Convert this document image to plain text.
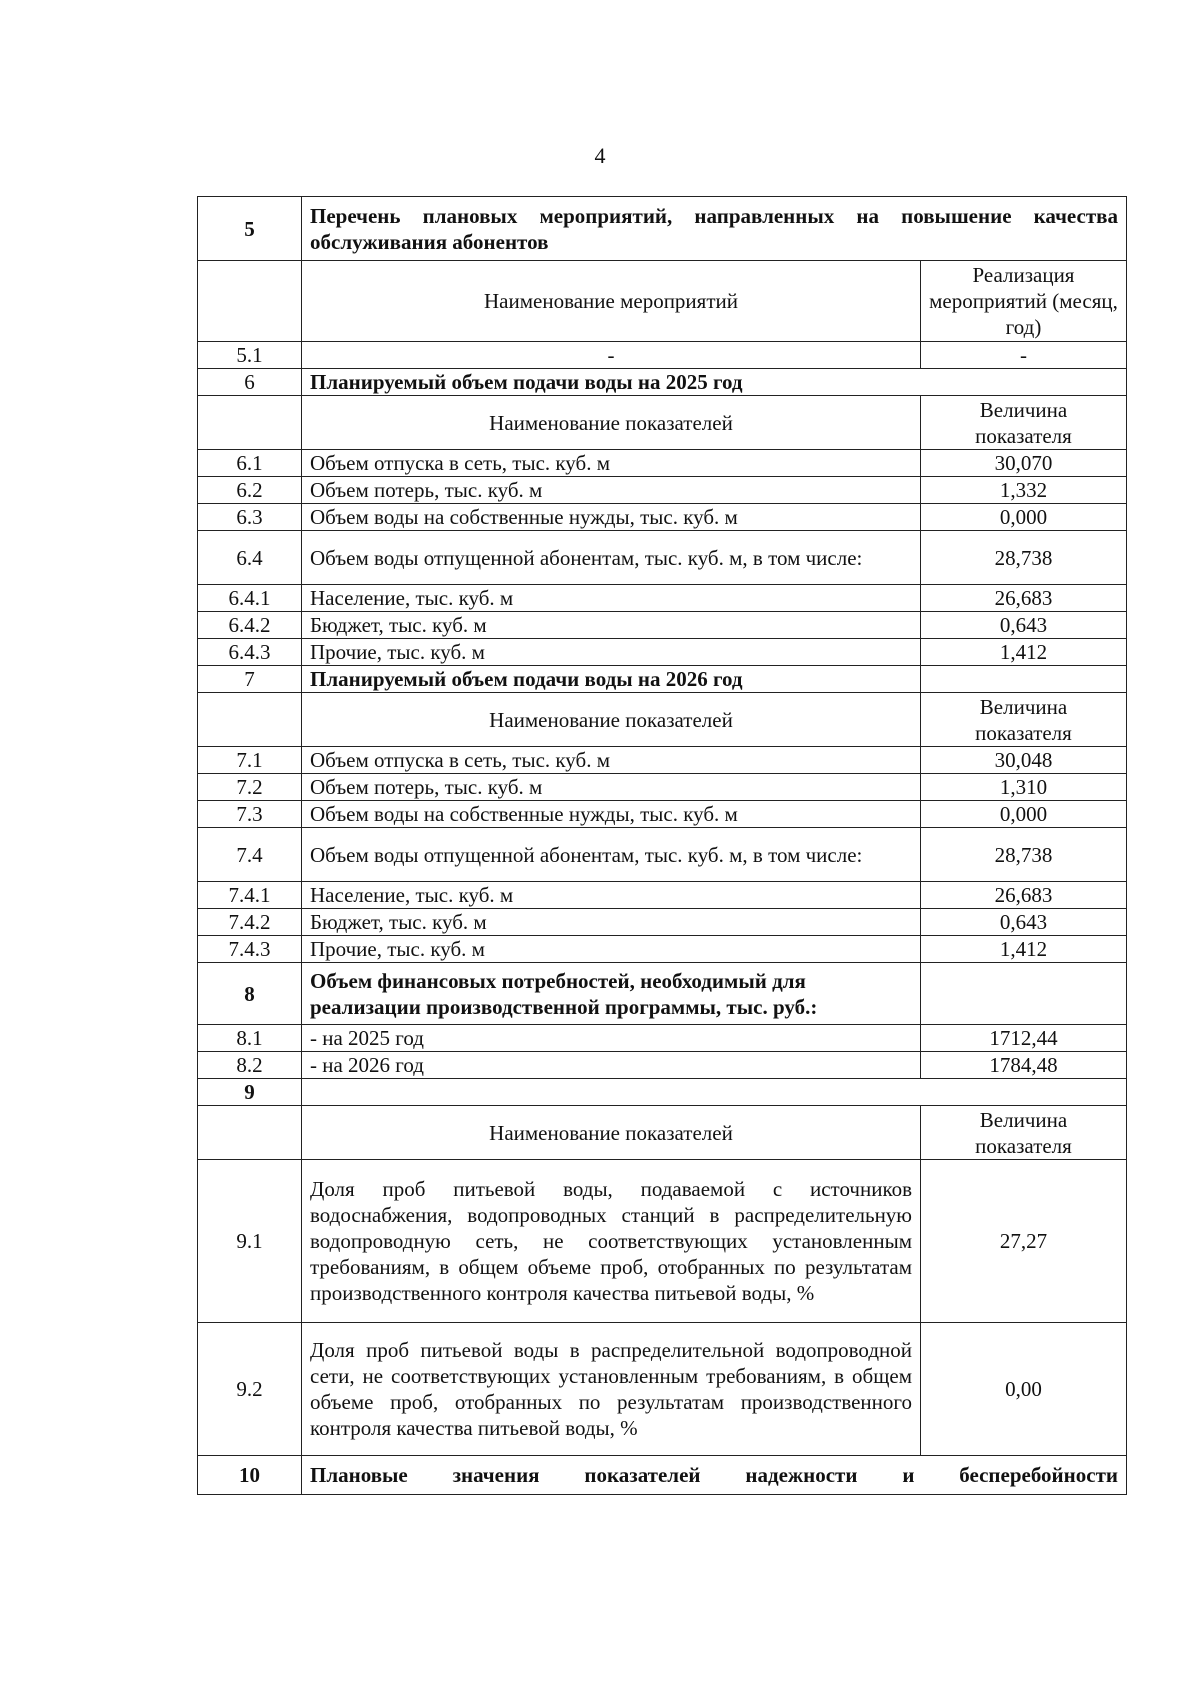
4
5	Перечень плановых мероприятий, направленных на повышение качества обслуживания абонентов	
	Наименование мероприятий	Реализация мероприятий (месяц, год)
5.1	-	-
6	Планируемый объем подачи воды на 2025 год	
	Наименование показателей	Величина показателя
6.1	Объем отпуска в сеть, тыс. куб. м	30,070
6.2	Объем потерь, тыс. куб. м	1,332
6.3	Объем воды на собственные нужды, тыс. куб. м	0,000
6.4	Объем воды отпущенной абонентам, тыс. куб. м, в том числе:	28,738
6.4.1	Население, тыс. куб. м	26,683
6.4.2	Бюджет, тыс. куб. м	0,643
6.4.3	Прочие, тыс. куб. м	1,412
7	Планируемый объем подачи воды на 2026 год	
	Наименование показателей	Величина показателя
7.1	Объем отпуска в сеть, тыс. куб. м	30,048
7.2	Объем потерь, тыс. куб. м	1,310
7.3	Объем воды на собственные нужды, тыс. куб. м	0,000
7.4	Объем воды отпущенной абонентам, тыс. куб. м, в том числе:	28,738
7.4.1	Население, тыс. куб. м	26,683
7.4.2	Бюджет, тыс. куб. м	0,643
7.4.3	Прочие, тыс. куб. м	1,412
8	Объем финансовых потребностей, необходимый для реализации производственной программы, тыс. руб.:	
8.1	- на 2025 год	1712,44
8.2	- на 2026 год	1784,48
9		
	Наименование показателей	Величина показателя
9.1	Доля проб питьевой воды, подаваемой с источников водоснабжения, водопроводных станций в распределительную водопроводную сеть, не соответствующих установленным требованиям, в общем объеме проб, отобранных по результатам производственного контроля качества питьевой воды, %	27,27
9.2	Доля проб питьевой воды в распределительной водопроводной сети, не соответствующих установленным требованиям, в общем объеме проб, отобранных по результатам производственного контроля качества питьевой воды, %	0,00
10	Плановые значения показателей надежности и бесперебойности	
